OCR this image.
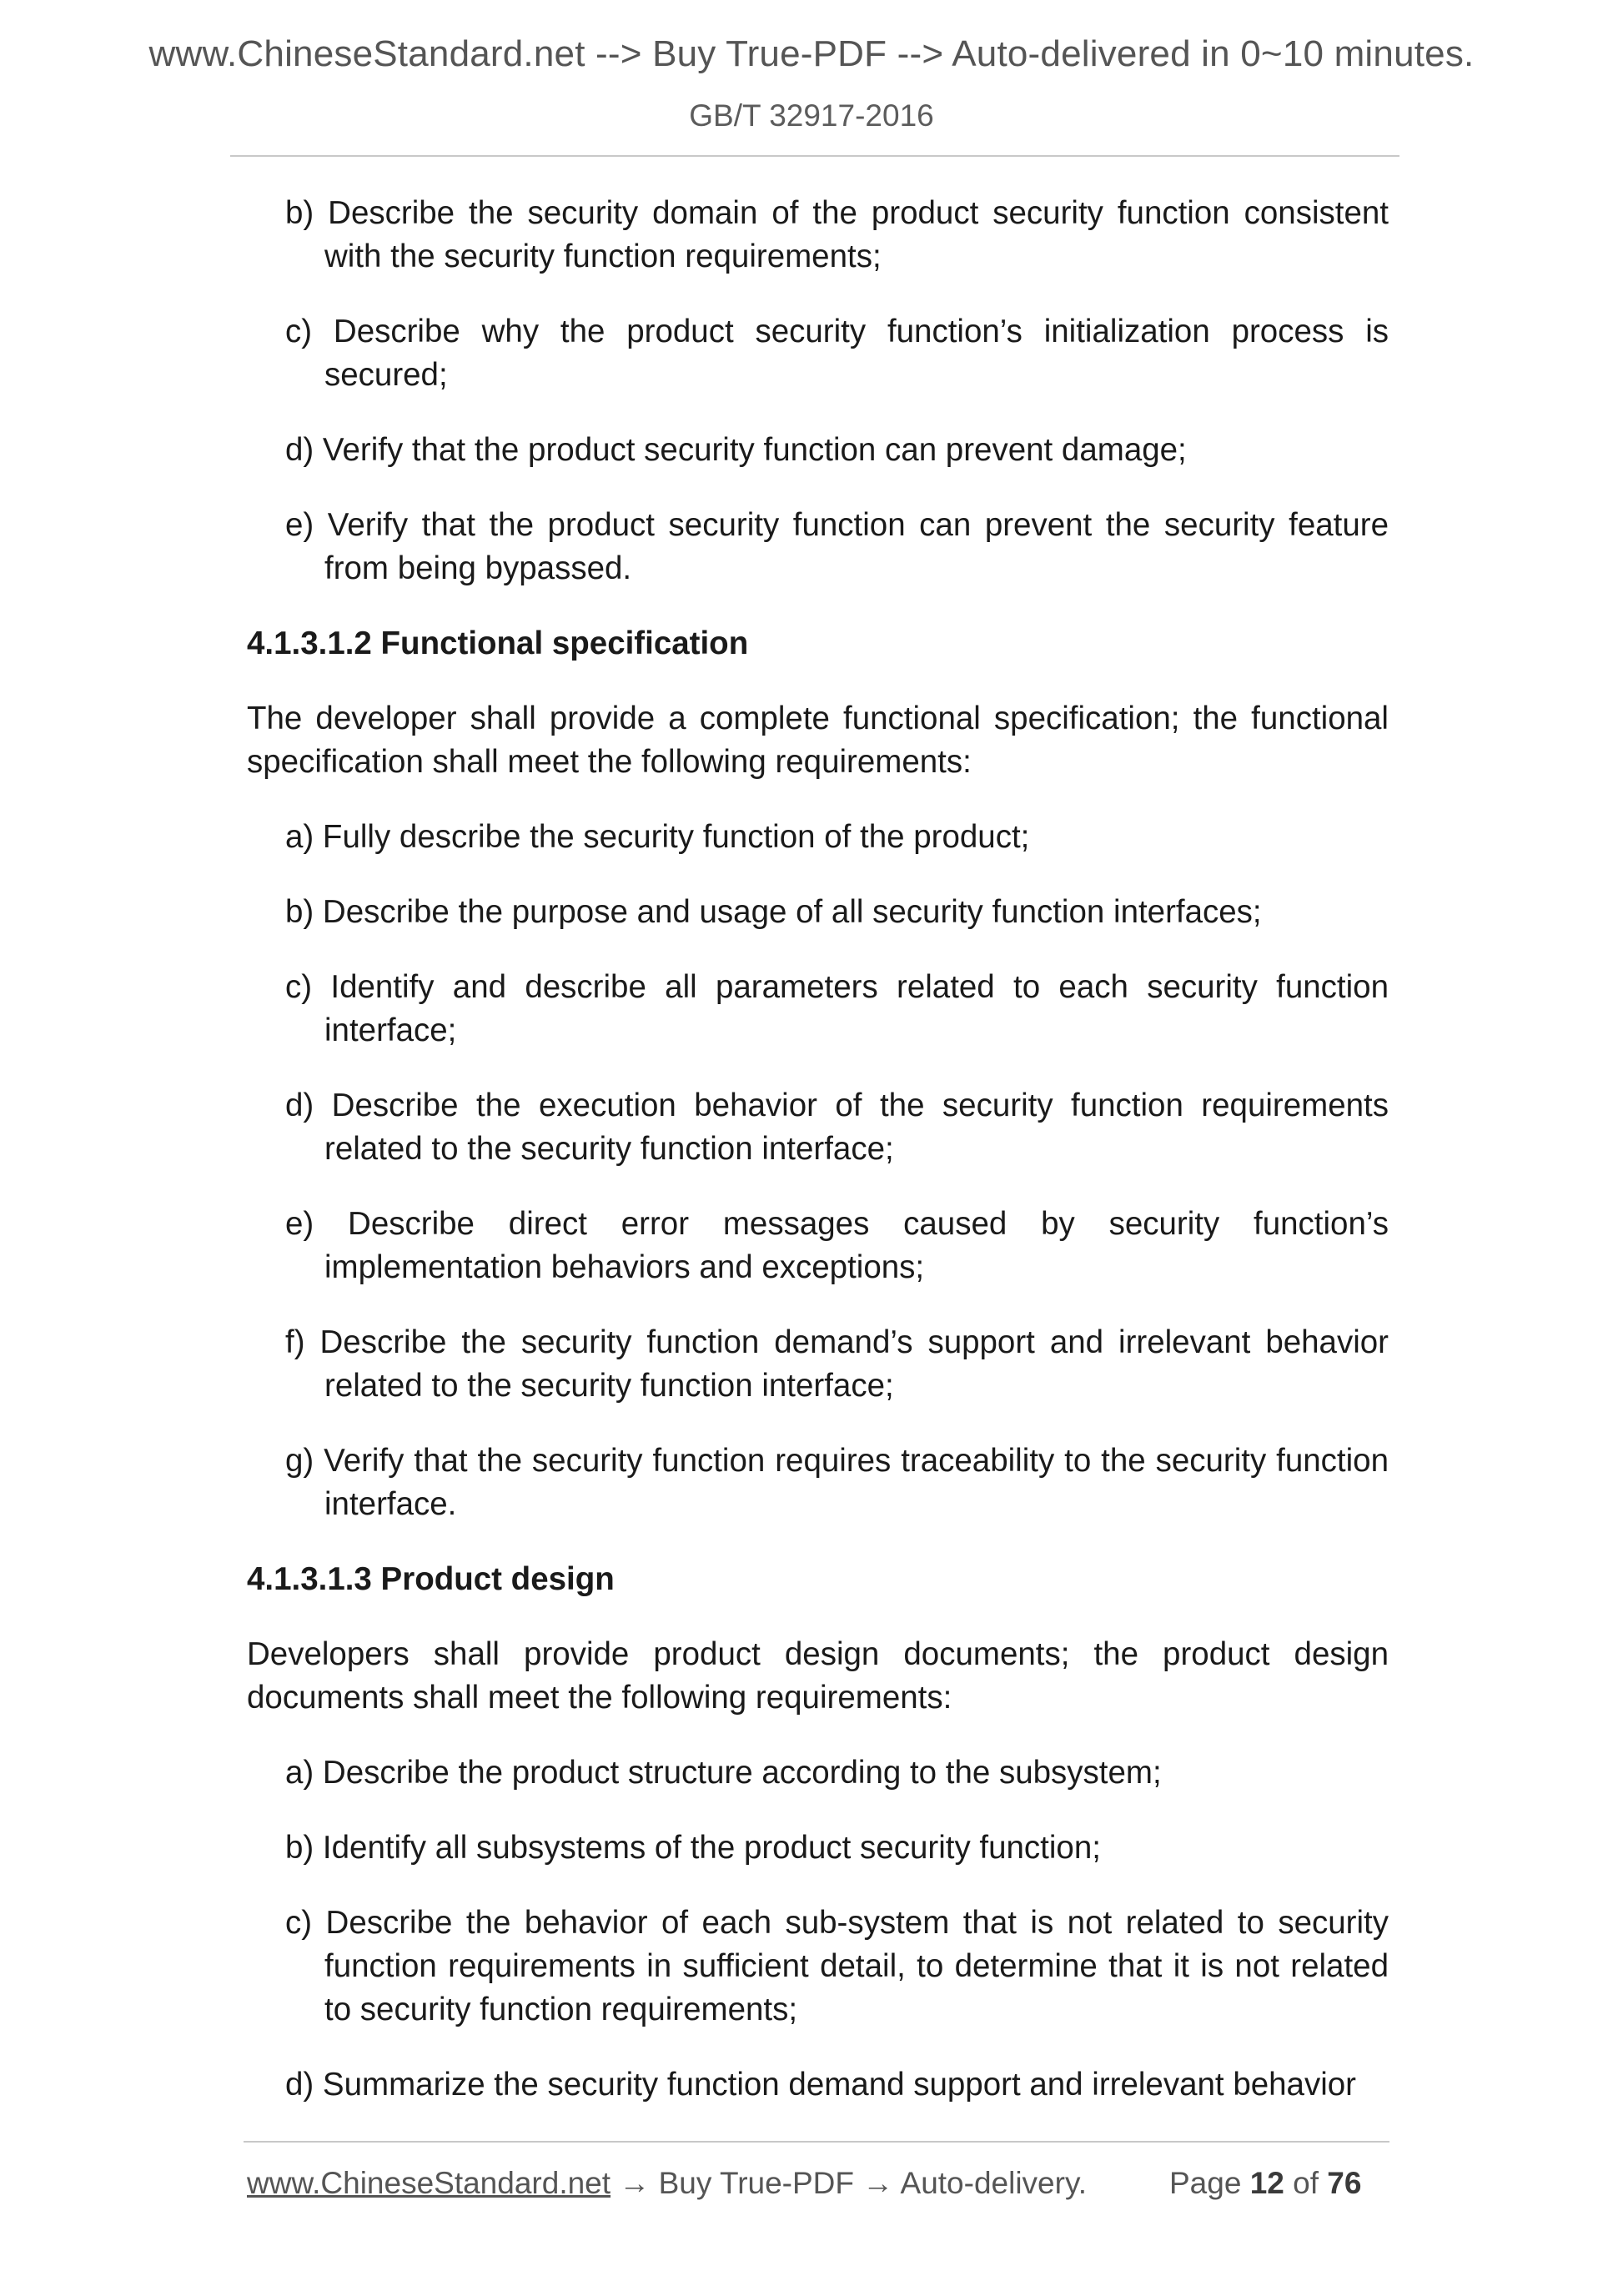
www.ChineseStandard.net --> Buy True-PDF --> Auto-delivered in 0~10 minutes.
GB/T 32917-2016
b) Describe the security domain of the product security function consistent with the security function requirements;
c) Describe why the product security function’s initialization process is secured;
d) Verify that the product security function can prevent damage;
e) Verify that the product security function can prevent the security feature from being bypassed.
4.1.3.1.2 Functional specification
The developer shall provide a complete functional specification; the functional specification shall meet the following requirements:
a) Fully describe the security function of the product;
b) Describe the purpose and usage of all security function interfaces;
c) Identify and describe all parameters related to each security function interface;
d) Describe the execution behavior of the security function requirements related to the security function interface;
e) Describe direct error messages caused by security function’s implementation behaviors and exceptions;
f) Describe the security function demand’s support and irrelevant behavior related to the security function interface;
g) Verify that the security function requires traceability to the security function interface.
4.1.3.1.3 Product design
Developers shall provide product design documents; the product design documents shall meet the following requirements:
a) Describe the product structure according to the subsystem;
b) Identify all subsystems of the product security function;
c) Describe the behavior of each sub-system that is not related to security function requirements in sufficient detail, to determine that it is not related to security function requirements;
d) Summarize the security function demand support and irrelevant behavior
www.ChineseStandard.net → Buy True-PDF → Auto-delivery.	Page 12 of 76
